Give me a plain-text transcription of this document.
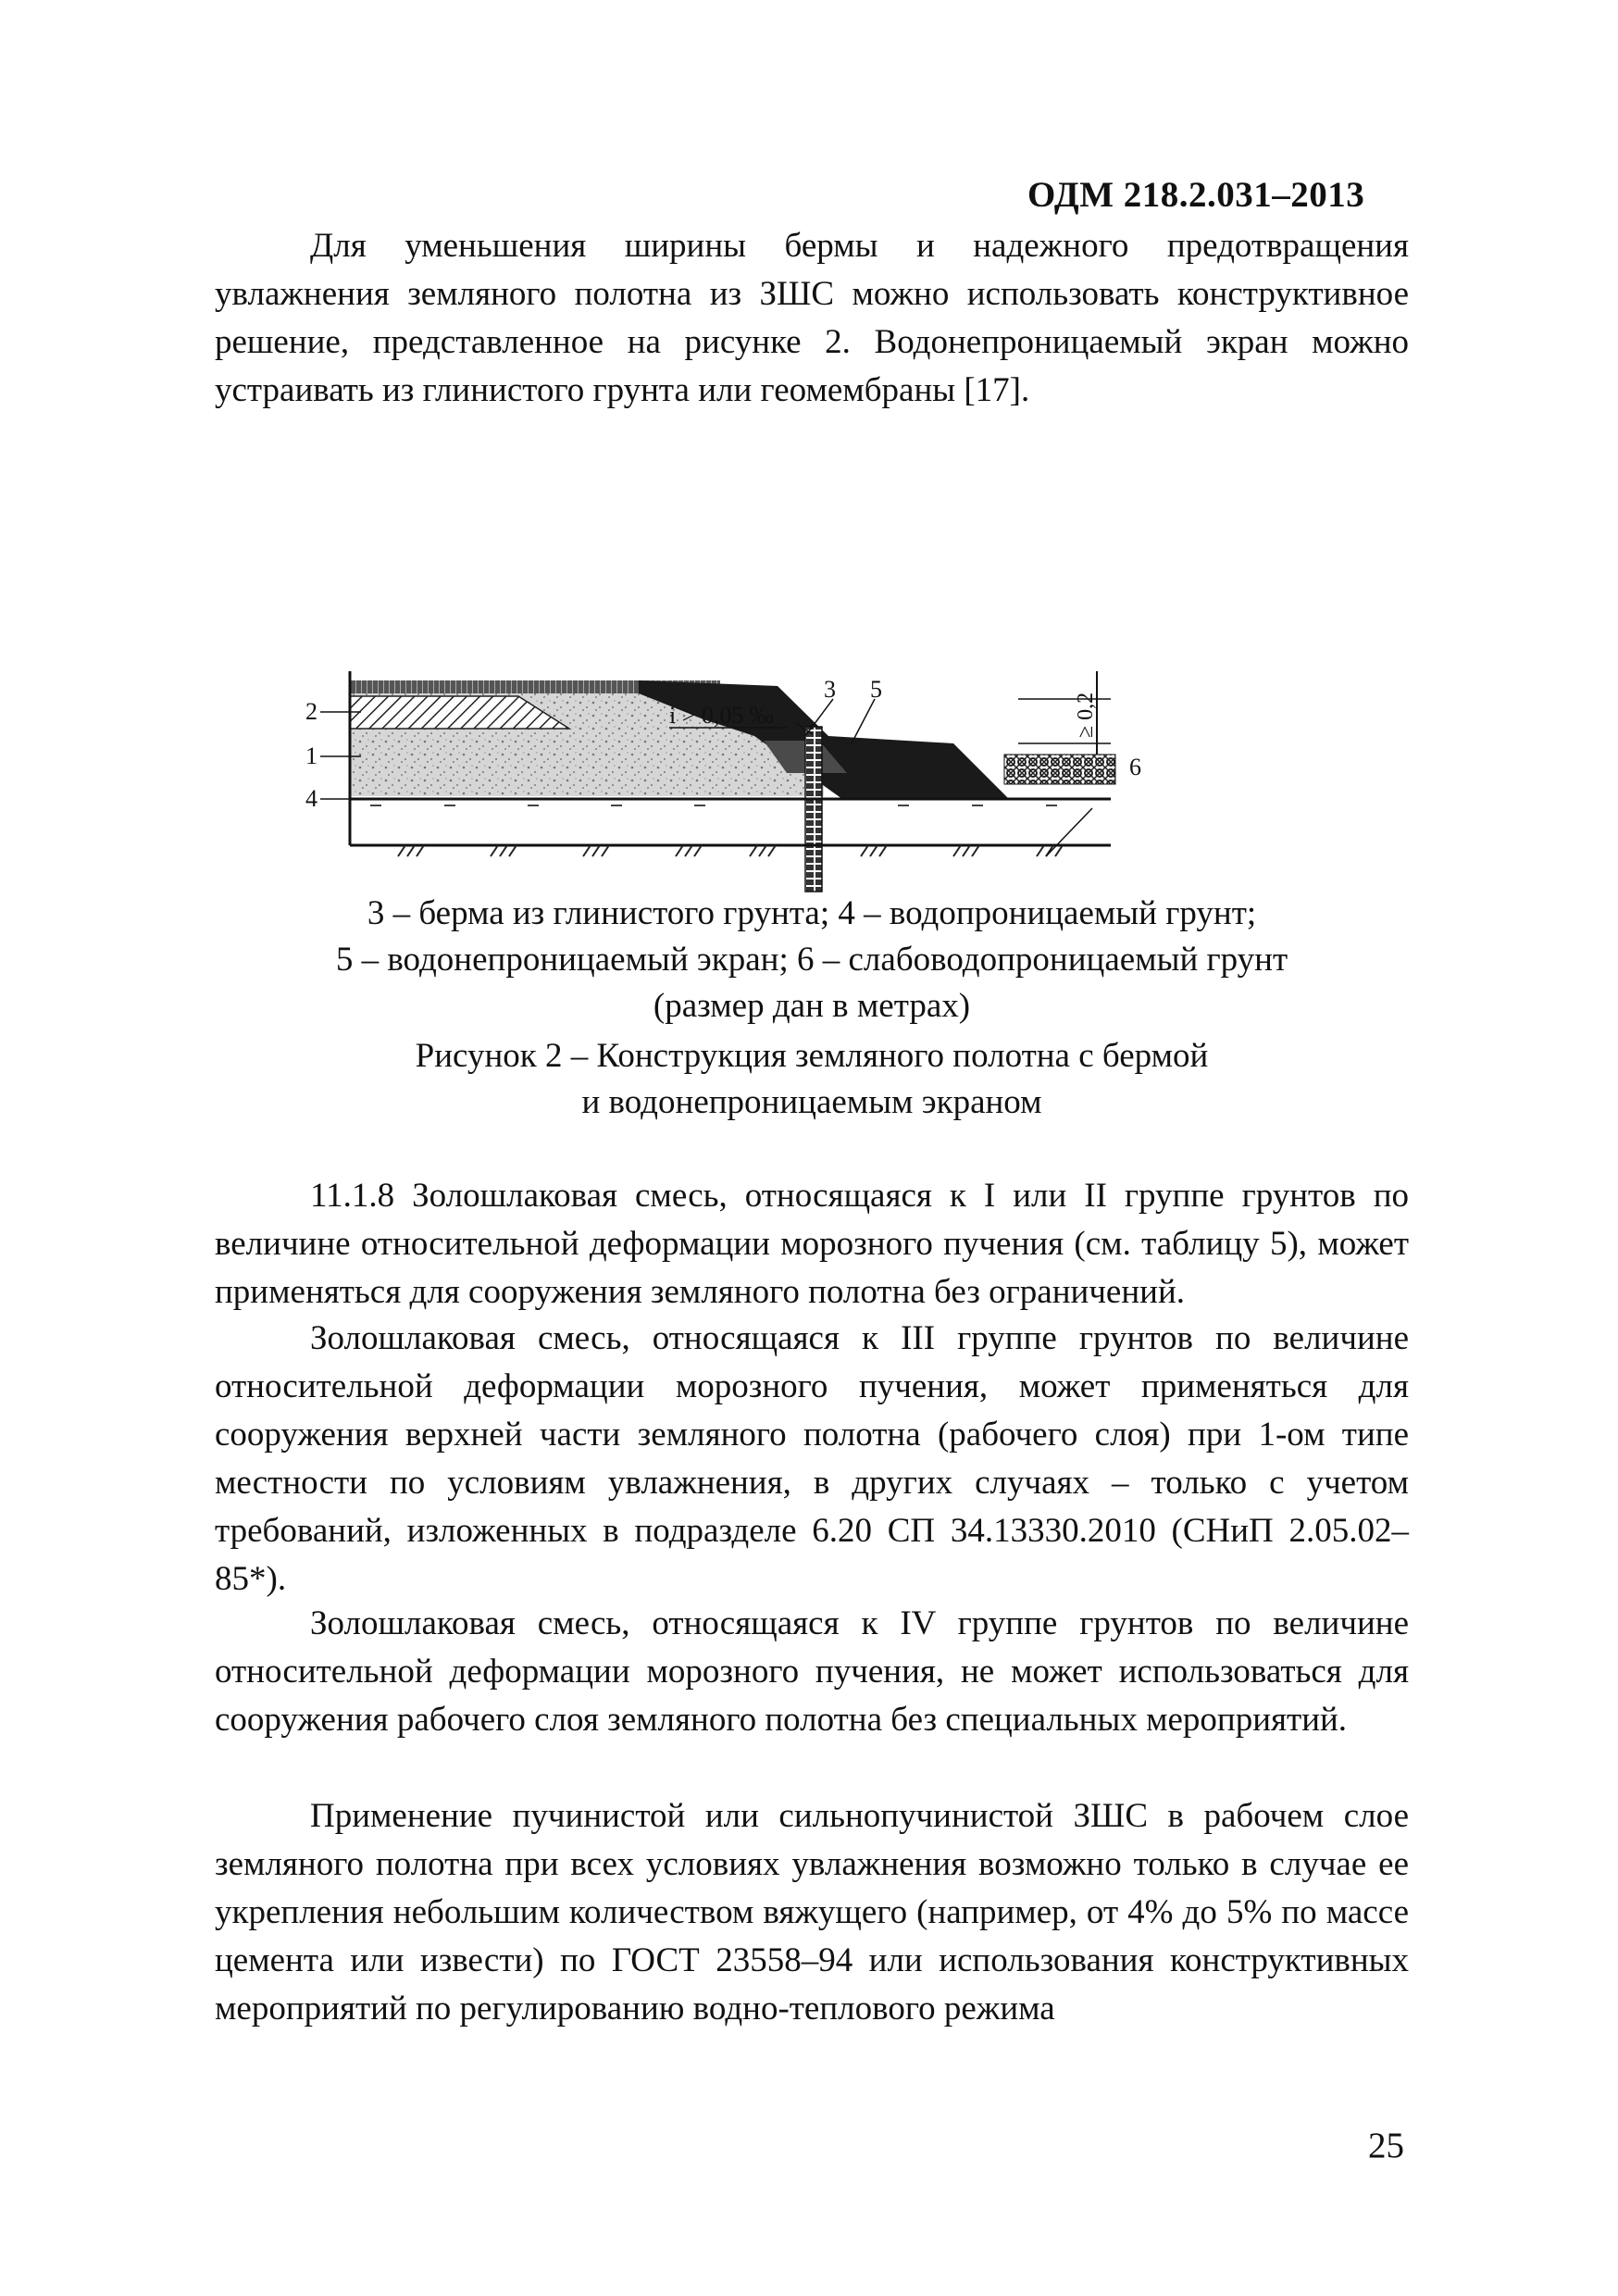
ОДМ 218.2.031–2013
Для уменьшения ширины бермы и надежного предотвращения увлажнения земляного полотна из ЗШС можно использовать конструктивное решение, представленное на рисунке 2. Водонепроницаемый экран можно устраивать из глинистого грунта или геомембраны [17].
2
1
4
3 5
6
i > 0,05 ‰	≥ 0,2
3 – берма из глинистого грунта; 4 – водопроницаемый грунт;
5 – водонепроницаемый экран; 6 – слабоводопроницаемый грунт
(размер дан в метрах)
Рисунок 2 – Конструкция земляного полотна с бермой
и водонепроницаемым экраном
11.1.8 Золошлаковая смесь, относящаяся к I или II группе грунтов по величине относительной деформации морозного пучения (см. таблицу 5), может применяться для сооружения земляного полотна без ограничений.
Золошлаковая смесь, относящаяся к III группе грунтов по величине относительной деформации морозного пучения, может применяться для сооружения верхней части земляного полотна (рабочего слоя) при 1-ом типе местности по условиям увлажнения, в других случаях – только с учетом требований, изложенных в подразделе 6.20 СП 34.13330.2010 (СНиП 2.05.02–85*).
Золошлаковая смесь, относящаяся к IV группе грунтов по величине относительной деформации морозного пучения, не может использоваться для сооружения рабочего слоя земляного полотна без специальных мероприятий.
Применение пучинистой или сильнопучинистой ЗШС в рабочем слое земляного полотна при всех условиях увлажнения возможно только в случае ее укрепления небольшим количеством вяжущего (например, от 4% до 5% по массе цемента или извести) по ГОСТ 23558–94 или использования конструктивных мероприятий по регулированию водно-теплового режима
25
